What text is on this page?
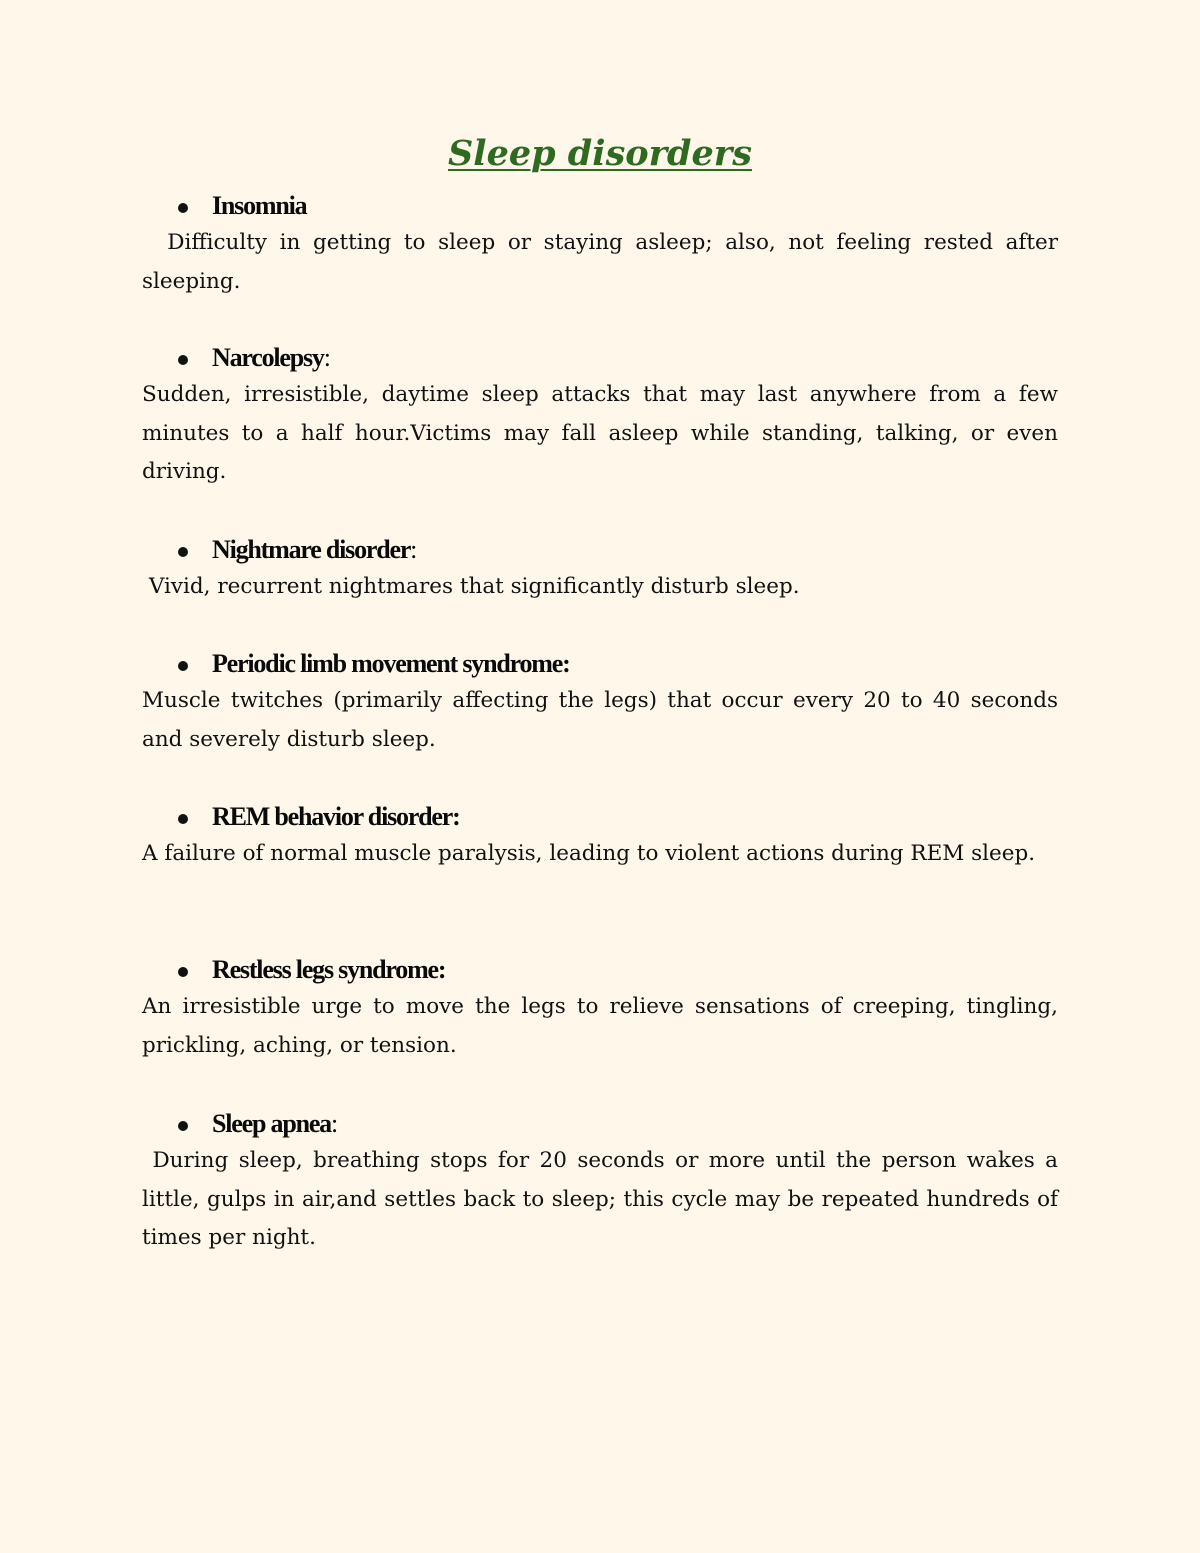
Sleep disorders
Insomnia

Difficulty in getting to sleep or staying asleep; also, not feeling rested after sleeping.

Narcolepsy:

Sudden, irresistible, daytime sleep attacks that may last anywhere from a few minutes to a half hour.Victims may fall asleep while standing, talking, or even driving.

Nightmare disorder:

Vivid, recurrent nightmares that significantly disturb sleep.

Periodic limb movement syndrome:

Muscle twitches (primarily affecting the legs) that occur every 20 to 40 seconds and severely disturb sleep.

REM behavior disorder:

A failure of normal muscle paralysis, leading to violent actions during REM sleep.

Restless legs syndrome:

An irresistible urge to move the legs to relieve sensations of creeping, tingling, prickling, aching, or tension.

Sleep apnea:

During sleep, breathing stops for 20 seconds or more until the person wakes a little, gulps in air,and settles back to sleep; this cycle may be repeated hundreds of times per night.
